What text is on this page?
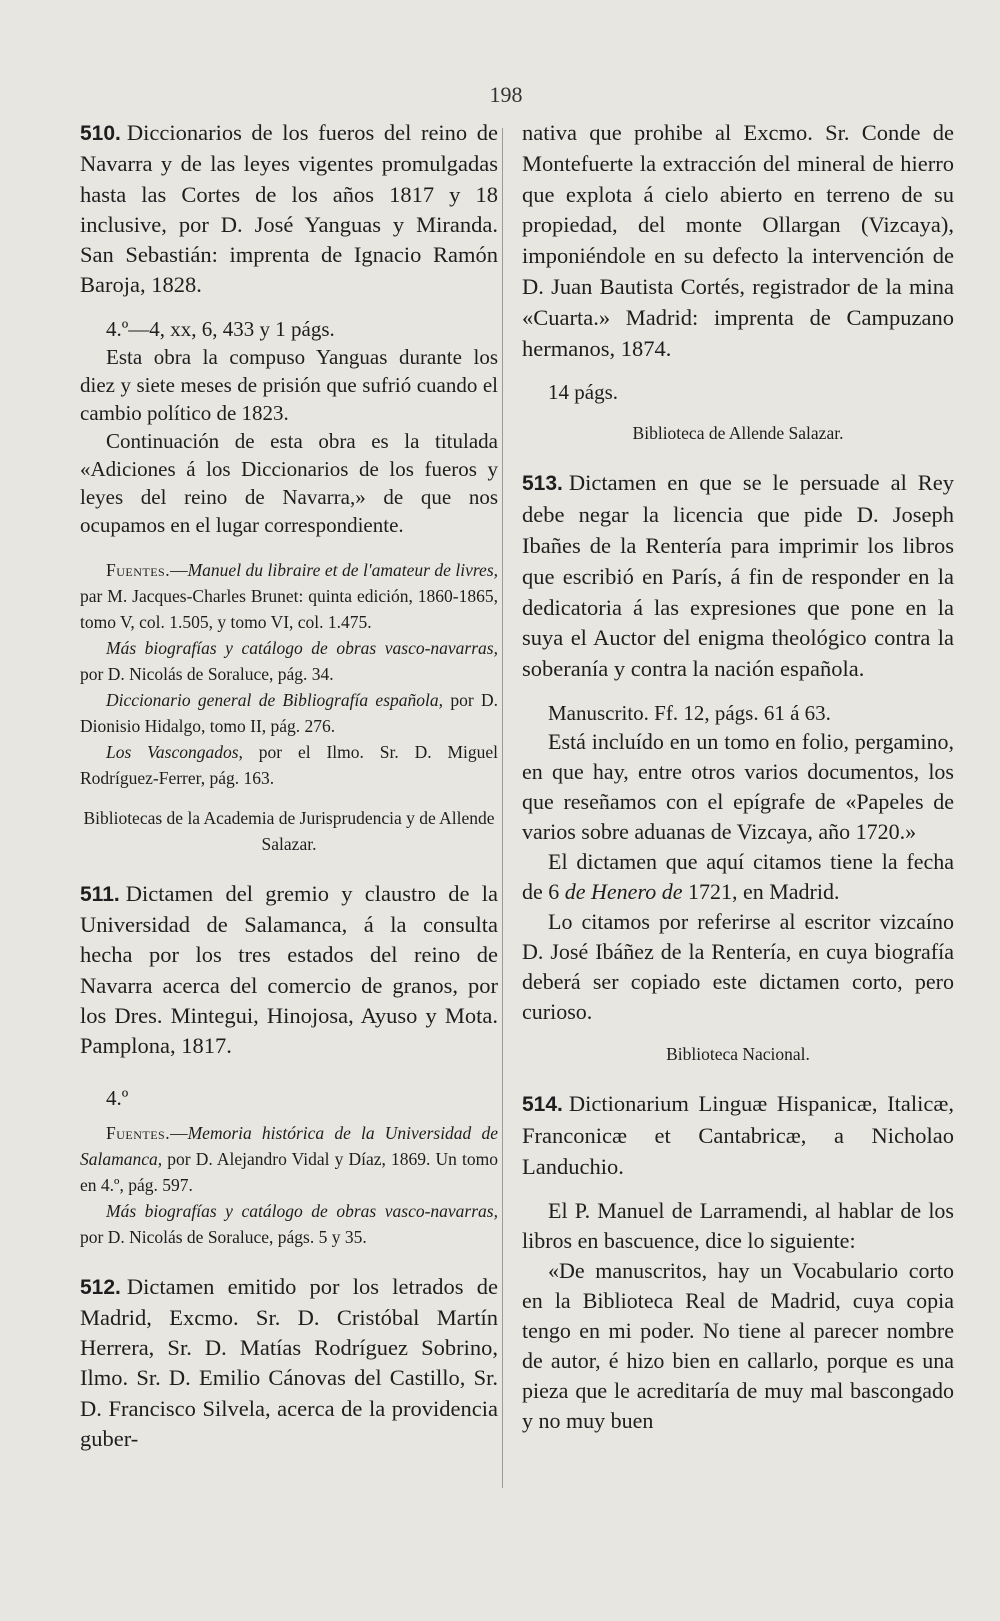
198

510. Diccionarios de los fueros del reino de Navarra y de las leyes vigentes promulgadas hasta las Cortes de los años 1817 y 18 inclusive, por D. José Yanguas y Miranda. San Sebastián: imprenta de Ignacio Ramón Baroja, 1828.

4.º—4, xx, 6, 433 y 1 págs.

Esta obra la compuso Yanguas durante los diez y siete meses de prisión que sufrió cuando el cambio político de 1823.

Continuación de esta obra es la titulada «Adiciones á los Diccionarios de los fueros y leyes del reino de Navarra,» de que nos ocupamos en el lugar correspondiente.

Fuentes.—Manuel du libraire et de l'amateur de livres, par M. Jacques-Charles Brunet: quinta edición, 1860-1865, tomo V, col. 1.505, y tomo VI, col. 1.475.

Más biografías y catálogo de obras vasco-navarras, por D. Nicolás de Soraluce, pág. 34.

Diccionario general de Bibliografía española, por D. Dionisio Hidalgo, tomo II, pág. 276.

Los Vascongados, por el Ilmo. Sr. D. Miguel Rodríguez-Ferrer, pág. 163.

Bibliotecas de la Academia de Jurisprudencia y de Allende Salazar.

511. Dictamen del gremio y claustro de la Universidad de Salamanca, á la consulta hecha por los tres estados del reino de Navarra acerca del comercio de granos, por los Dres. Mintegui, Hinojosa, Ayuso y Mota. Pamplona, 1817.

4.º

Fuentes.—Memoria histórica de la Universidad de Salamanca, por D. Alejandro Vidal y Díaz, 1869. Un tomo en 4.º, pág. 597.

Más biografías y catálogo de obras vasco-navarras, por D. Nicolás de Soraluce, págs. 5 y 35.

512. Dictamen emitido por los letrados de Madrid, Excmo. Sr. D. Cristóbal Martín Herrera, Sr. D. Matías Rodríguez Sobrino, Ilmo. Sr. D. Emilio Cánovas del Castillo, Sr. D. Francisco Silvela, acerca de la providencia guber-

nativa que prohibe al Excmo. Sr. Conde de Montefuerte la extracción del mineral de hierro que explota á cielo abierto en terreno de su propiedad, del monte Ollargan (Vizcaya), imponiéndole en su defecto la intervención de D. Juan Bautista Cortés, registrador de la mina «Cuarta.» Madrid: imprenta de Campuzano hermanos, 1874.

14 págs.

Biblioteca de Allende Salazar.

513. Dictamen en que se le persuade al Rey debe negar la licencia que pide D. Joseph Ibañes de la Rentería para imprimir los libros que escribió en París, á fin de responder en la dedicatoria á las expresiones que pone en la suya el Auctor del enigma theológico contra la soberanía y contra la nación española.

Manuscrito. Ff. 12, págs. 61 á 63.

Está incluído en un tomo en folio, pergamino, en que hay, entre otros varios documentos, los que reseñamos con el epígrafe de «Papeles de varios sobre aduanas de Vizcaya, año 1720.»

El dictamen que aquí citamos tiene la fecha de 6 de Henero de 1721, en Madrid.

Lo citamos por referirse al escritor vizcaíno D. José Ibáñez de la Rentería, en cuya biografía deberá ser copiado este dictamen corto, pero curioso.

Biblioteca Nacional.

514. Dictionarium Linguæ Hispanicæ, Italicæ, Franconicæ et Cantabricæ, a Nicholao Landuchio.

El P. Manuel de Larramendi, al hablar de los libros en bascuence, dice lo siguiente:

«De manuscritos, hay un Vocabulario corto en la Biblioteca Real de Madrid, cuya copia tengo en mi poder. No tiene al parecer nombre de autor, é hizo bien en callarlo, porque es una pieza que le acreditaría de muy mal bascongado y no muy buen
